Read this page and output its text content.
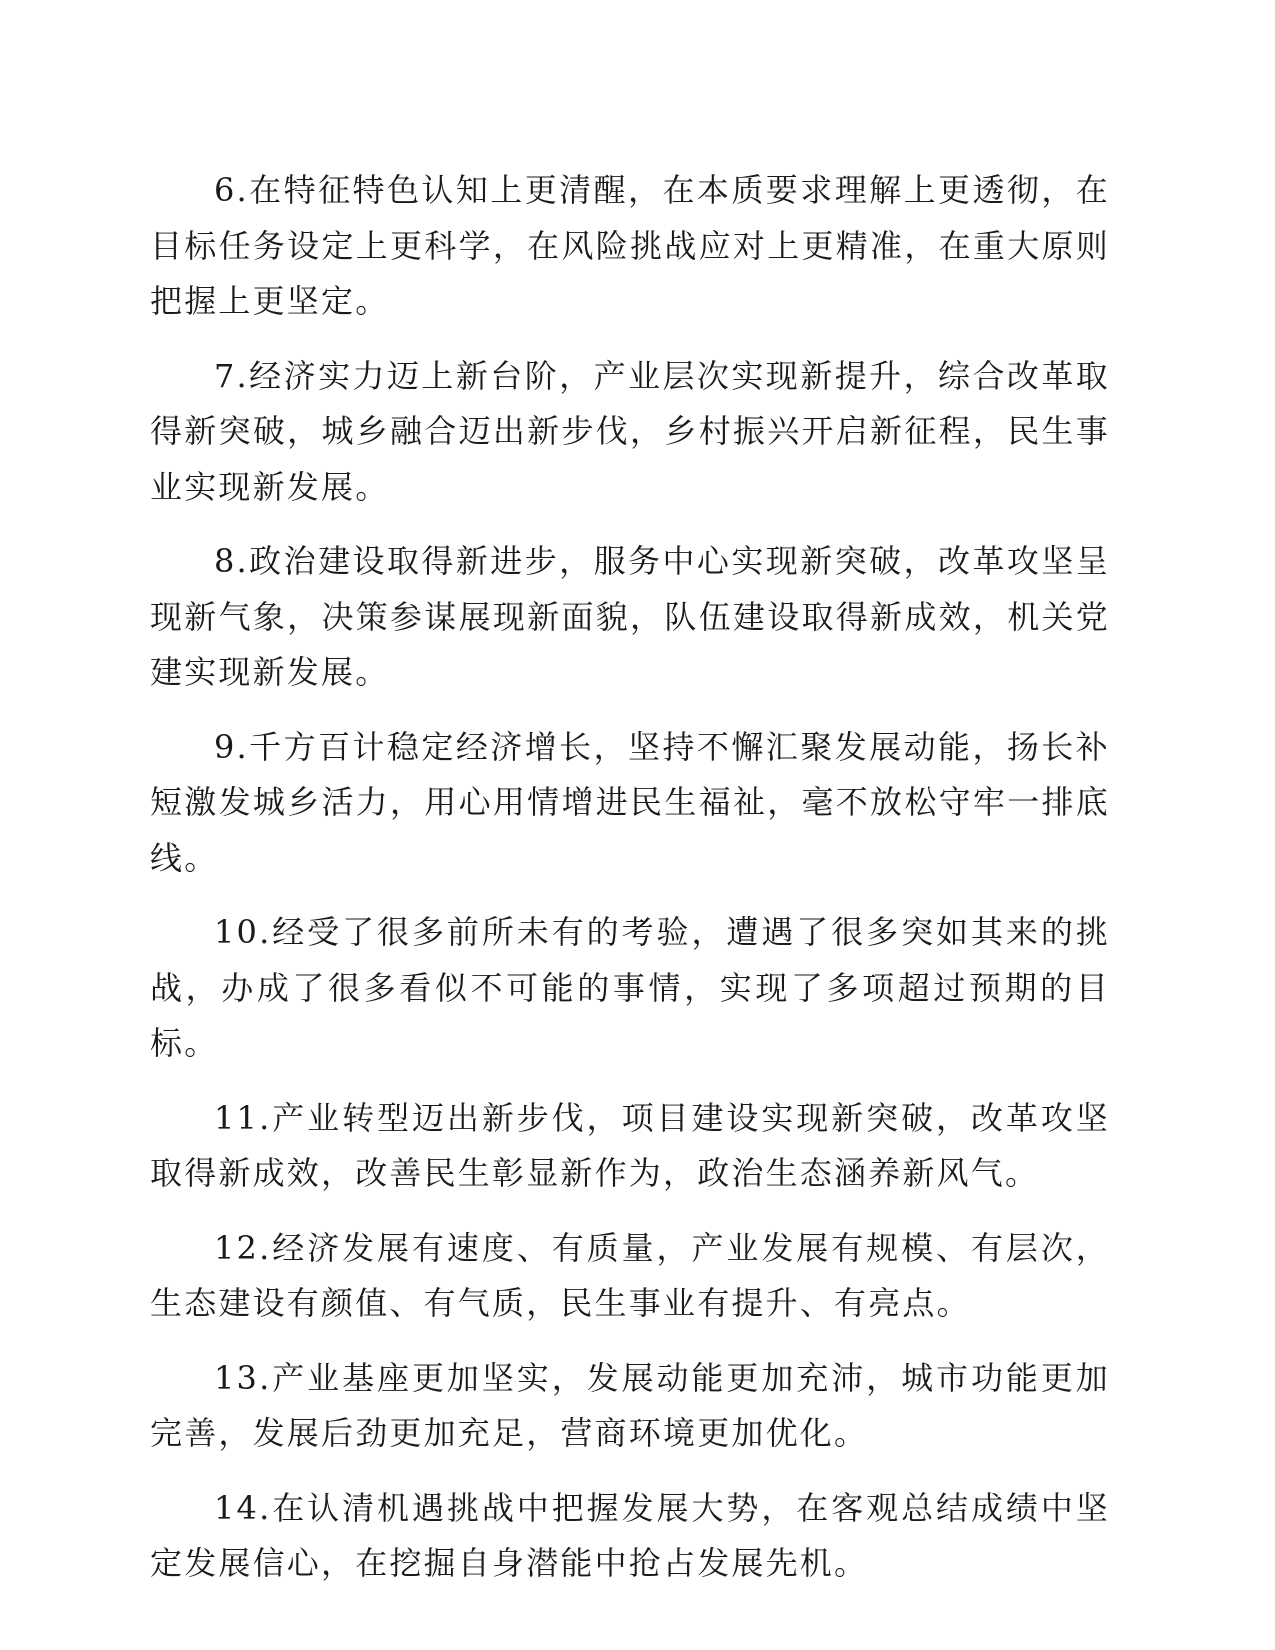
6.在特征特色认知上更清醒，在本质要求理解上更透彻，在目标任务设定上更科学，在风险挑战应对上更精准，在重大原则把握上更坚定。

7.经济实力迈上新台阶，产业层次实现新提升，综合改革取得新突破，城乡融合迈出新步伐，乡村振兴开启新征程，民生事业实现新发展。

8.政治建设取得新进步，服务中心实现新突破，改革攻坚呈现新气象，决策参谋展现新面貌，队伍建设取得新成效，机关党建实现新发展。

9.千方百计稳定经济增长，坚持不懈汇聚发展动能，扬长补短激发城乡活力，用心用情增进民生福祉，毫不放松守牢一排底线。

10.经受了很多前所未有的考验，遭遇了很多突如其来的挑战，办成了很多看似不可能的事情，实现了多项超过预期的目标。

11.产业转型迈出新步伐，项目建设实现新突破，改革攻坚取得新成效，改善民生彰显新作为，政治生态涵养新风气。

12.经济发展有速度、有质量，产业发展有规模、有层次，生态建设有颜值、有气质，民生事业有提升、有亮点。

13.产业基座更加坚实，发展动能更加充沛，城市功能更加完善，发展后劲更加充足，营商环境更加优化。

14.在认清机遇挑战中把握发展大势，在客观总结成绩中坚定发展信心，在挖掘自身潜能中抢占发展先机。
